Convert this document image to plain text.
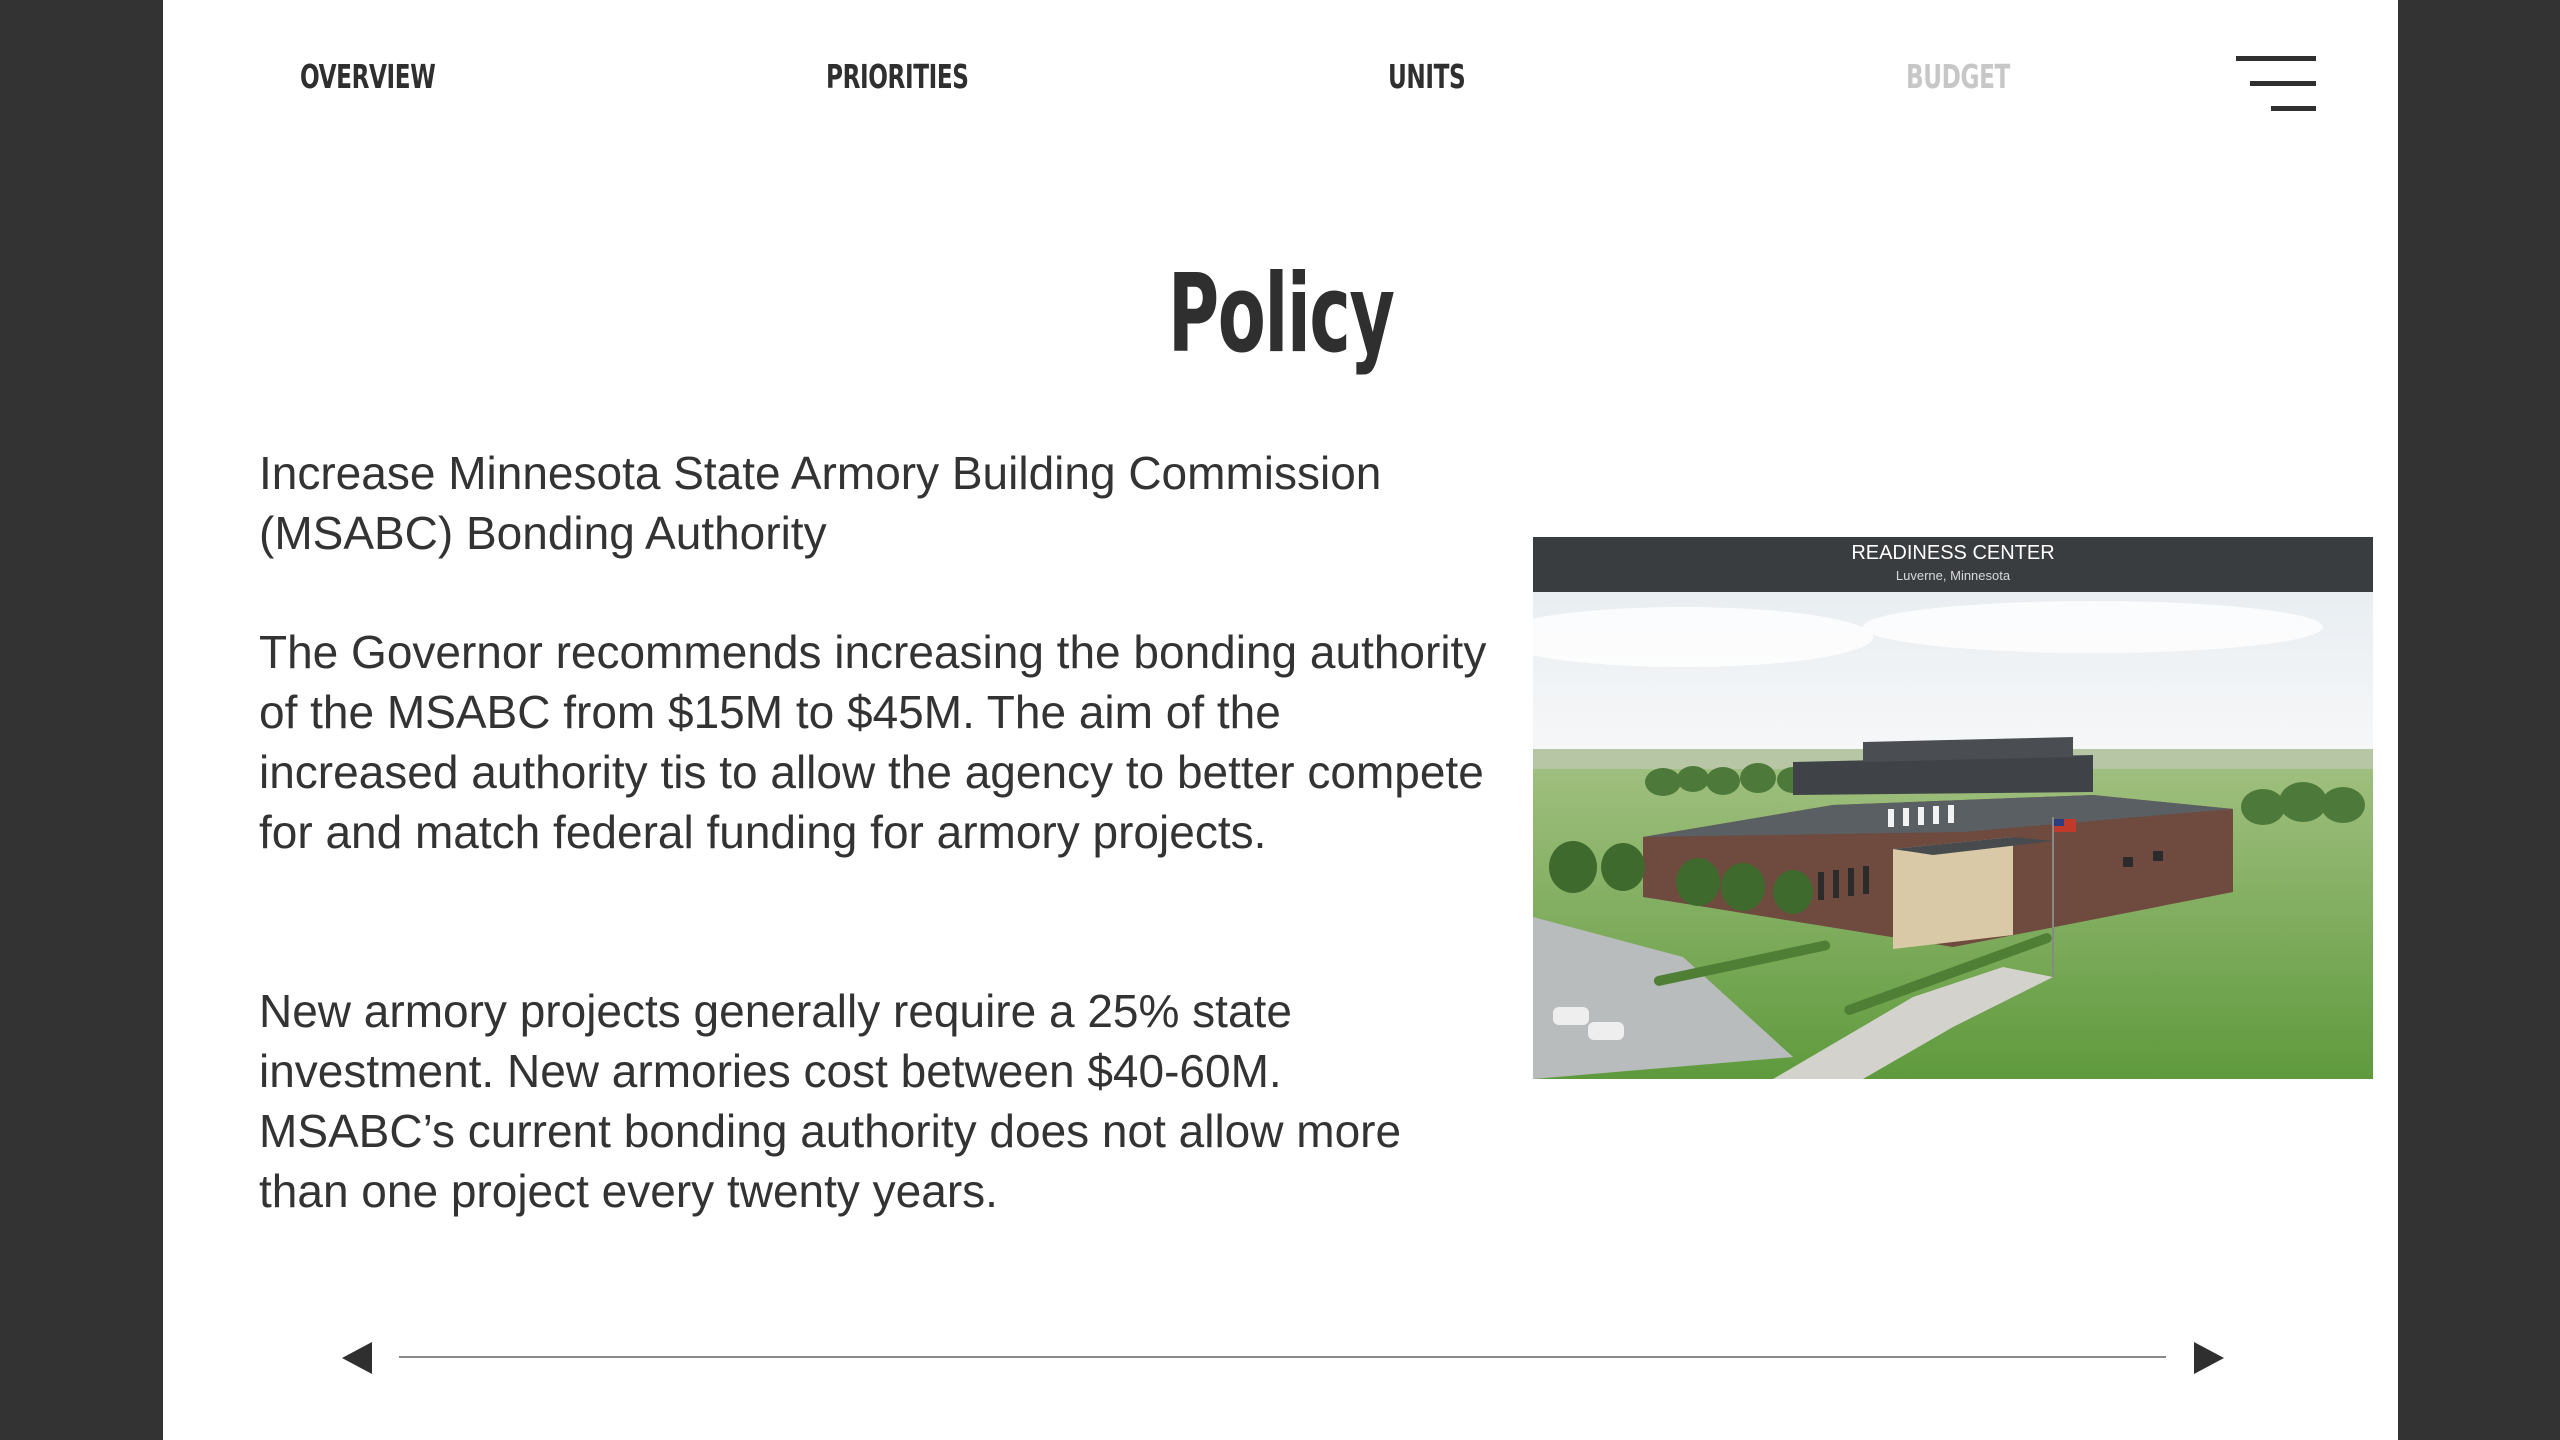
OVERVIEW	PRIORITIES	UNITS	BUDGET
Policy

Increase Minnesota State Armory Building Commission (MSABC) Bonding Authority

The Governor recommends increasing the bonding authority of the MSABC from $15M to $45M. The aim of the increased authority tis to allow the agency to better compete for and match federal funding for armory projects.

New armory projects generally require a 25% state investment. New armories cost between $40-60M. MSABC’s current bonding authority does not allow more than one project every twenty years.

READINESS CENTER
Luverne, Minnesota
